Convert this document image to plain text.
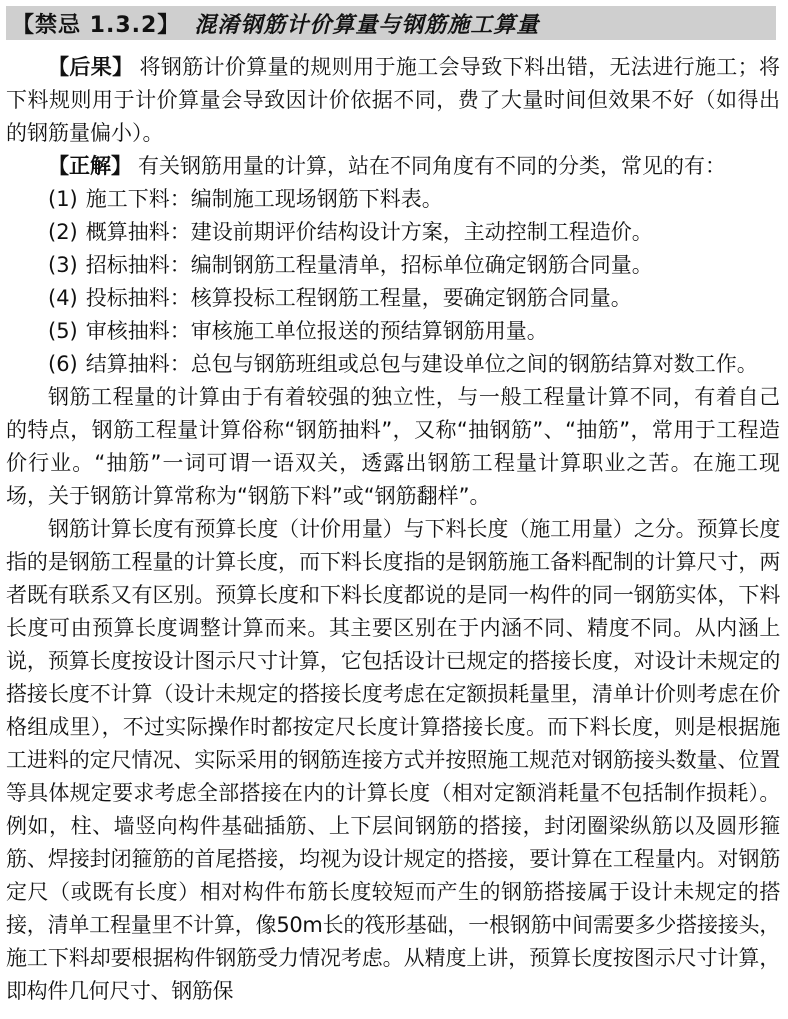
【禁忌 1.3.2】 混淆钢筋计价算量与钢筋施工算量

【后果】 将钢筋计价算量的规则用于施工会导致下料出错，无法进行施工；将下料规则用于计价算量会导致因计价依据不同，费了大量时间但效果不好（如得出的钢筋量偏小）。

【正解】 有关钢筋用量的计算，站在不同角度有不同的分类，常见的有：

(1) 施工下料：编制施工现场钢筋下料表。

(2) 概算抽料：建设前期评价结构设计方案，主动控制工程造价。

(3) 招标抽料：编制钢筋工程量清单，招标单位确定钢筋合同量。

(4) 投标抽料：核算投标工程钢筋工程量，要确定钢筋合同量。

(5) 审核抽料：审核施工单位报送的预结算钢筋用量。

(6) 结算抽料：总包与钢筋班组或总包与建设单位之间的钢筋结算对数工作。

钢筋工程量的计算由于有着较强的独立性，与一般工程量计算不同，有着自己的特点，钢筋工程量计算俗称“钢筋抽料”，又称“抽钢筋”、“抽筋”，常用于工程造价行业。“抽筋”一词可谓一语双关，透露出钢筋工程量计算职业之苦。在施工现场，关于钢筋计算常称为“钢筋下料”或“钢筋翻样”。

钢筋计算长度有预算长度（计价用量）与下料长度（施工用量）之分。预算长度指的是钢筋工程量的计算长度，而下料长度指的是钢筋施工备料配制的计算尺寸，两者既有联系又有区别。预算长度和下料长度都说的是同一构件的同一钢筋实体，下料长度可由预算长度调整计算而来。其主要区别在于内涵不同、精度不同。从内涵上说，预算长度按设计图示尺寸计算，它包括设计已规定的搭接长度，对设计未规定的搭接长度不计算（设计未规定的搭接长度考虑在定额损耗量里，清单计价则考虑在价格组成里），不过实际操作时都按定尺长度计算搭接长度。而下料长度，则是根据施工进料的定尺情况、实际采用的钢筋连接方式并按照施工规范对钢筋接头数量、位置等具体规定要求考虑全部搭接在内的计算长度（相对定额消耗量不包括制作损耗）。例如，柱、墙竖向构件基础插筋、上下层间钢筋的搭接，封闭圈梁纵筋以及圆形箍筋、焊接封闭箍筋的首尾搭接，均视为设计规定的搭接，要计算在工程量内。对钢筋定尺（或既有长度）相对构件布筋长度较短而产生的钢筋搭接属于设计未规定的搭接，清单工程量里不计算，像50m长的筏形基础，一根钢筋中间需要多少搭接接头，施工下料却要根据构件钢筋受力情况考虑。从精度上讲，预算长度按图示尺寸计算，即构件几何尺寸、钢筋保
